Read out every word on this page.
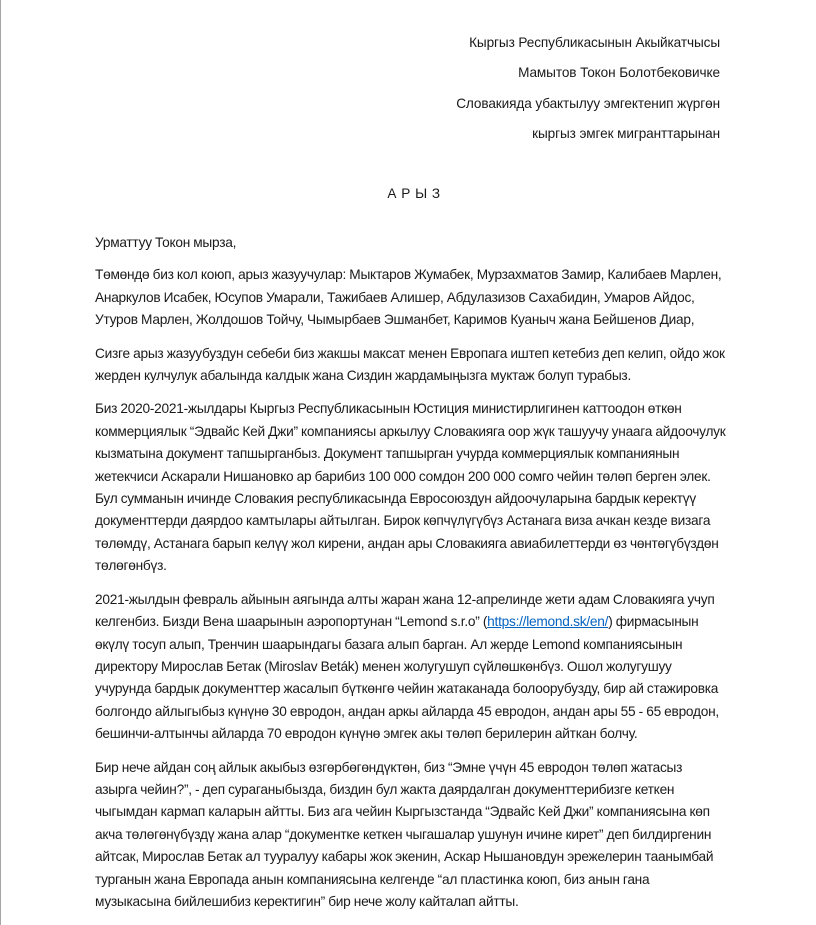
Кыргыз Республикасынын Акыйкатчысы
Мамытов Токон Болотбековичке
Словакияда убактылуу эмгектенип жүргөн
кыргыз эмгек мигранттарынан
А Р Ы З

Урматтуу Токон мырза,

Төмөндө биз кол коюп, арыз жазуучулар: Мыктаров Жумабек, Мурзахматов Замир, Калибаев Марлен, Анаркулов Исабек, Юсупов Умарали, Тажибаев Алишер, Абдулазизов Сахабидин, Умаров Айдос, Утуров Марлен, Жолдошов Тойчу, Чымырбаев Эшманбет, Каримов Куаныч жана Бейшенов Диар,

Сизге арыз жазуубуздун себеби биз жакшы максат менен Европага иштеп кетебиз деп келип, ойдо жок жерден кулчулук абалында калдык жана Сиздин жардамыңызга муктаж болуп турабыз.

Биз 2020-2021-жылдары Кыргыз Республикасынын Юстиция министирлигинен каттоодон өткөн коммерциялык “Эдвайс Кей Джи” компаниясы аркылуу Словакияга оор жүк ташуучу унаага айдоочулук кызматына документ тапшырганбыз. Документ тапшырган учурда коммерциялык компаниянын жетекчиси Аскарали Нишановко ар барибиз 100 000 сомдон 200 000 сомго чейин төлөп берген элек. Бул сумманын ичинде Словакия республикасында Евросоюздун айдоочуларына бардык керектүү документтерди даярдоо камтылары айтылган. Бирок көпчүлүгүбүз Астанага виза ачкан кезде визага төлөмдү, Астанага барып келүү жол кирени, андан ары Словакияга авиабилеттерди өз чөнтөгүбүздөн төлөгөнбүз.

2021-жылдын февраль айынын аягында алты жаран жана 12-апрелинде жети адам Словакияга учуп келгенбиз. Бизди Вена шаарынын аэропортунан “Lemond s.r.o” (https://lemond.sk/en/) фирмасынын өкүлү тосуп алып, Тренчин шаарындагы базага алып барган. Ал жерде Lemond компаниясынын директору Мирослав Бетак (Miroslav Beták) менен жолугушуп сүйлөшкөнбүз. Ошол жолугушуу учурунда бардык документтер жасалып бүткөнгө чейин жатаканада болоорубузду, бир ай стажировка болгондо айлыгыбыз күнүнө 30 евродон, андан аркы айларда 45 евродон, андан ары 55 - 65 евродон, бешинчи-алтынчы айларда 70 евродон күнүнө эмгек акы төлөп берилерин айткан болчу.

Бир нече айдан соң айлык акыбыз өзгөрбөгөндүктөн, биз “Эмне үчүн 45 евродон төлөп жатасыз азырга чейин?”, - деп сураганыбызда, биздин бул жакта даярдалган документтерибизге кеткен чыгымдан кармап каларын айтты. Биз ага чейин Кыргызстанда “Эдвайс Кей Джи” компаниясына көп акча төлөгөнүбүздү жана алар “документке кеткен чыгашалар ушунун ичине кирет” деп билдиргенин айтсак, Мирослав Бетак ал тууралуу кабары жок экенин, Аскар Нышановдун эрежелерин таанымбай турганын жана Европада анын компаниясына келгенде “ал пластинка коюп, биз анын гана музыкасына бийлешибиз керектигин” бир нече жолу кайталап айтты.
